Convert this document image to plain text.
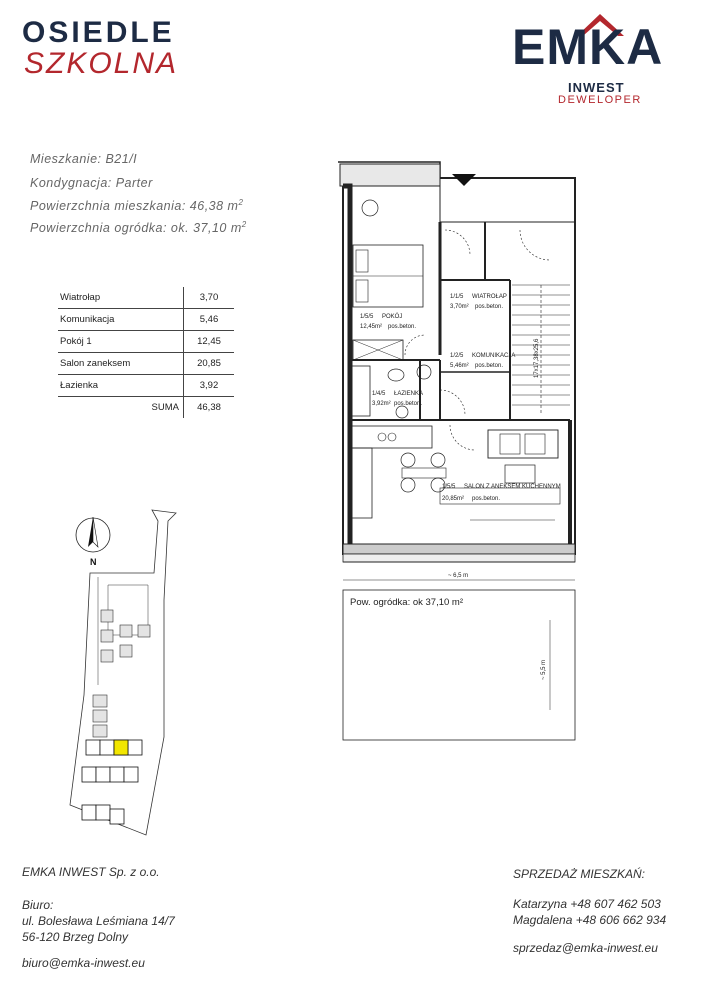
OSIEDLE
SZKOLNA	EMKA
INWEST
DEWELOPER
Mieszkanie: B21/I
Kondygnacja: Parter
Powierzchnia mieszkania: 46,38 $m^2$
Powierzchnia ogródka: ok. 37,10 $m^2$
Wiatrołap	3,70
Komunikacja	5,46
Pokój 1	12,45
Salon zaneksem	20,85
Łazienka	3,92
SUMA	46,38
1/5/5 POKÓJ
12,45m² pos.beton.
1/1/5 WIATROŁAP
3,70m² pos.beton.
1/2/5 KOMUNIKACJA
5,46m² pos.beton.
1/4/5 ŁAZIENKA
3,92m² pos.beton.
1/5/5 SALON Z ANEKSEM KUCHENNYM
20,85m² pos.beton.
17x17,38x25,6
~ 6,5 m
~ 5,5 m
Pow. ogródka: ok 37,10 m²
N
EMKA INWEST Sp. z o.o.
Biuro:
ul. Bolesława Leśmiana 14/7
56-120 Brzeg Dolny
biuro@emka-inwest.eu
SPRZEDAŻ MIESZKAŃ:
Katarzyna +48 607 462 503
Magdalena +48 606 662 934
sprzedaz@emka-inwest.eu
